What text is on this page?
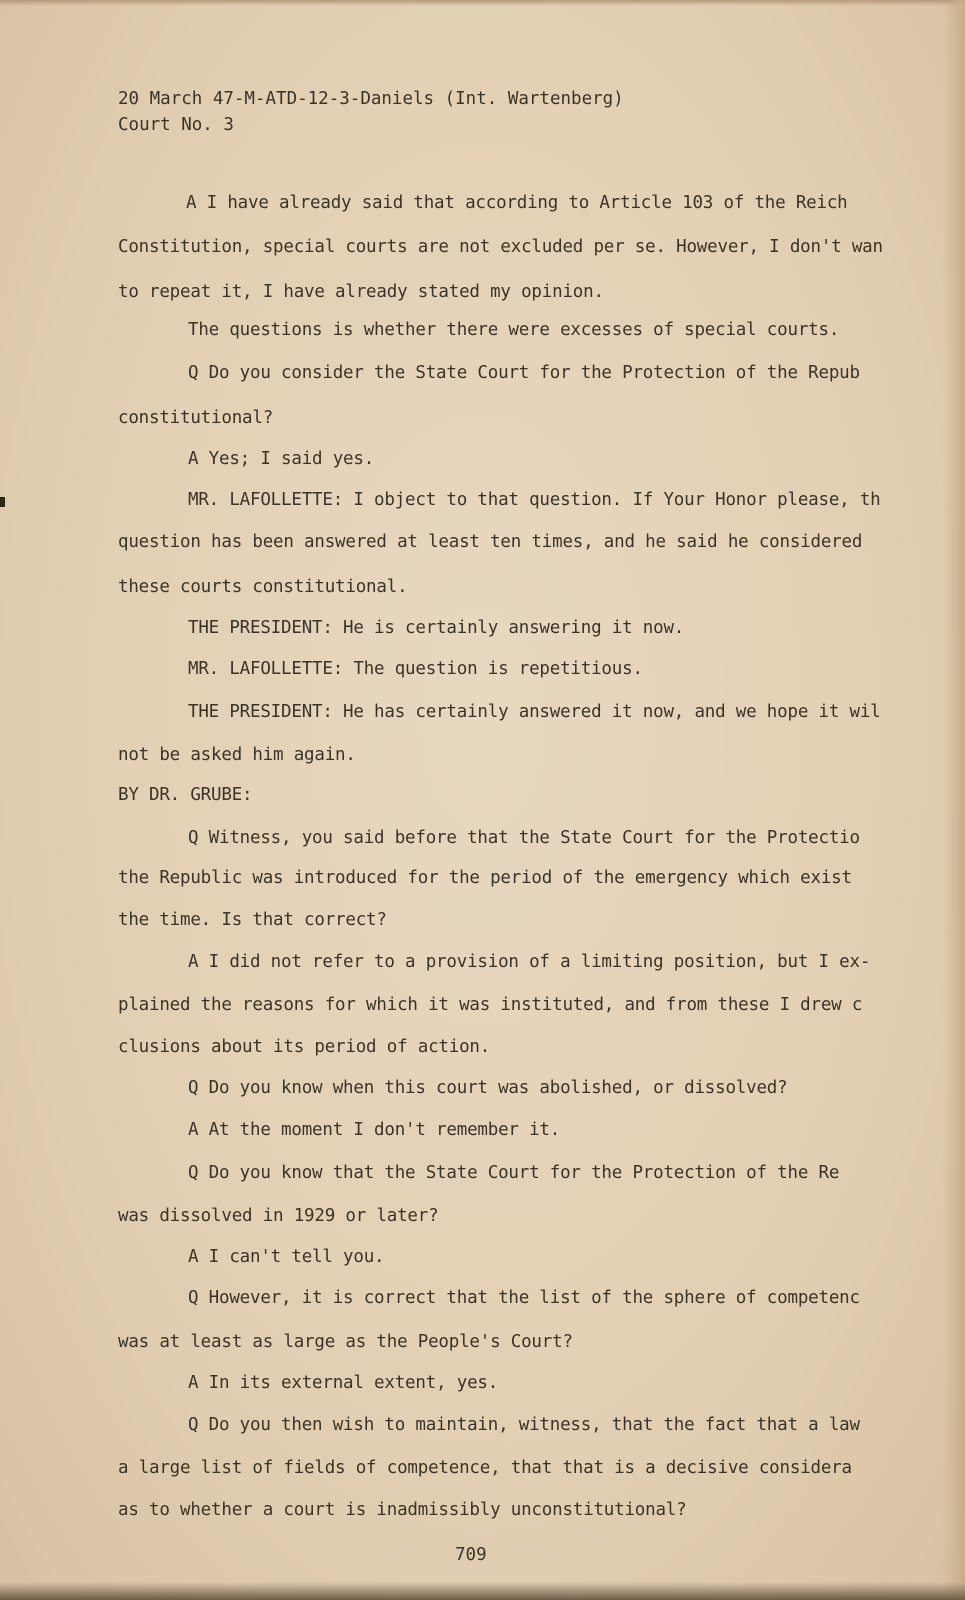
20 March 47-M-ATD-12-3-Daniels (Int. Wartenberg)
Court No. 3
A I have already said that according to Article 103 of the Reich
Constitution, special courts are not excluded per se. However, I don't wan
to repeat it, I have already stated my opinion.
The questions is whether there were excesses of special courts.
Q Do you consider the State Court for the Protection of the Repub
constitutional?
A Yes; I said yes.
MR. LAFOLLETTE: I object to that question. If Your Honor please, th
question has been answered at least ten times, and he said he considered
these courts constitutional.
THE PRESIDENT: He is certainly answering it now.
MR. LAFOLLETTE: The question is repetitious.
THE PRESIDENT: He has certainly answered it now, and we hope it wil
not be asked him again.
BY DR. GRUBE:
Q Witness, you said before that the State Court for the Protectio
the Republic was introduced for the period of the emergency which exist
the time. Is that correct?
A I did not refer to a provision of a limiting position, but I ex-
plained the reasons for which it was instituted, and from these I drew c
clusions about its period of action.
Q Do you know when this court was abolished, or dissolved?
A At the moment I don't remember it.
Q Do you know that the State Court for the Protection of the Re
was dissolved in 1929 or later?
A I can't tell you.
Q However, it is correct that the list of the sphere of competenc
was at least as large as the People's Court?
A In its external extent, yes.
Q Do you then wish to maintain, witness, that the fact that a law
a large list of fields of competence, that that is a decisive considera
as to whether a court is inadmissibly unconstitutional?
709
